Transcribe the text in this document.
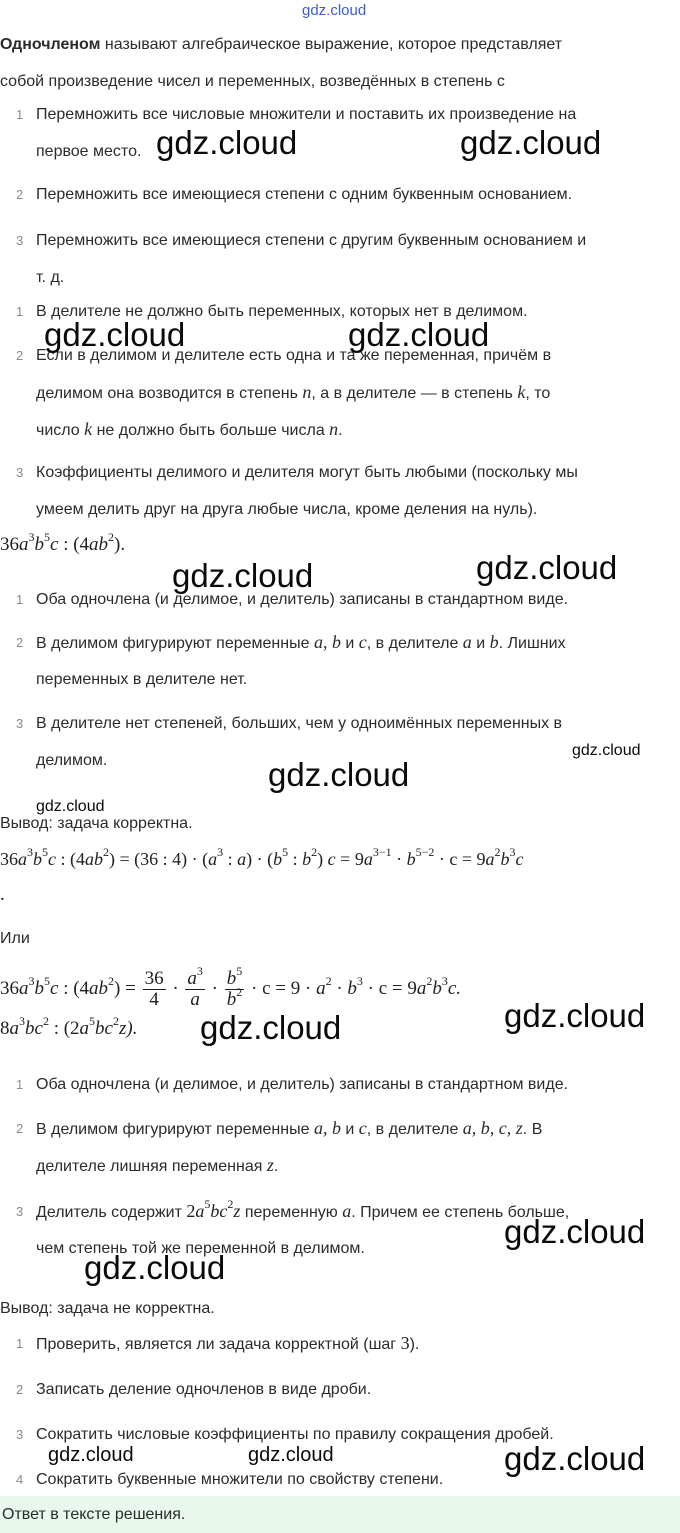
gdz.cloud
Одночленом называют алгебраическое выражение, которое представляет
собой произведение чисел и переменных, возведённых в степень с
1 Перемножить все числовые множители и поставить их произведение на
первое место.
2 Перемножить все имеющиеся степени с одним буквенным основанием.
3 Перемножить все имеющиеся степени с другим буквенным основанием и
т. д.
1 В делителе не должно быть переменных, которых нет в делимом.
2 Если в делимом и делителе есть одна и та же переменная, причём в
делимом она возводится в степень n, а в делителе — в степень k, то
число k не должно быть больше числа n.
3 Коэффициенты делимого и делителя могут быть любыми (поскольку мы
умеем делить друг на друга любые числа, кроме деления на нуль).
$36a^3b^5c$ : $(4ab^2)$.
1 Оба одночлена (и делимое, и делитель) записаны в стандартном виде.
2 В делимом фигурируют переменные a, b и c, в делителе a и b. Лишних
переменных в делителе нет.
3 В делителе нет степеней, больших, чем у одноимённых переменных в
делимом.
Вывод: задача корректна.
$36a^3b^5c$ : $(4ab^2) = (36$ : $4) \cdot (a^3$ : $a) \cdot (b^5$ : $b^2$) $c = 9a^{3-1} \cdot b^{5-2} \cdot c = 9a^2b^3c$
.
Или
$36a^3b^5c$ : $(4ab^2) = \frac{36}{4} \cdot \frac{a^3}{a} \cdot \frac{b^5}{b^2} \cdot c = 9 \cdot a^2 \cdot b^3 \cdot c = 9a^2b^3c$.
$8a^3bc^2$ : $(2a^5bc^2z)$.
1 Оба одночлена (и делимое, и делитель) записаны в стандартном виде.
2 В делимом фигурируют переменные a, b и c, в делителе a, b, c, z. В
делителе лишняя переменная z.
3 Делитель содержит $2a^5bc^2z$ переменную a. Причем ее степень больше,
чем степень той же переменной в делимом.
Вывод: задача не корректна.
1 Проверить, является ли задача корректной (шаг 3).
2 Записать деление одночленов в виде дроби.
3 Сократить числовые коэффициенты по правилу сокращения дробей.
4 Сократить буквенные множители по свойству степени.
Ответ в тексте решения.
gdz.cloud	gdz.cloud
gdz.cloud	gdz.cloud
gdz.cloud	gdz.cloud
gdz.cloud
gdz.cloud
gdz.cloud
gdz.cloud	gdz.cloud
gdz.cloud
gdz.cloud
gdz.cloud
gdz.cloud	gdz.cloud
